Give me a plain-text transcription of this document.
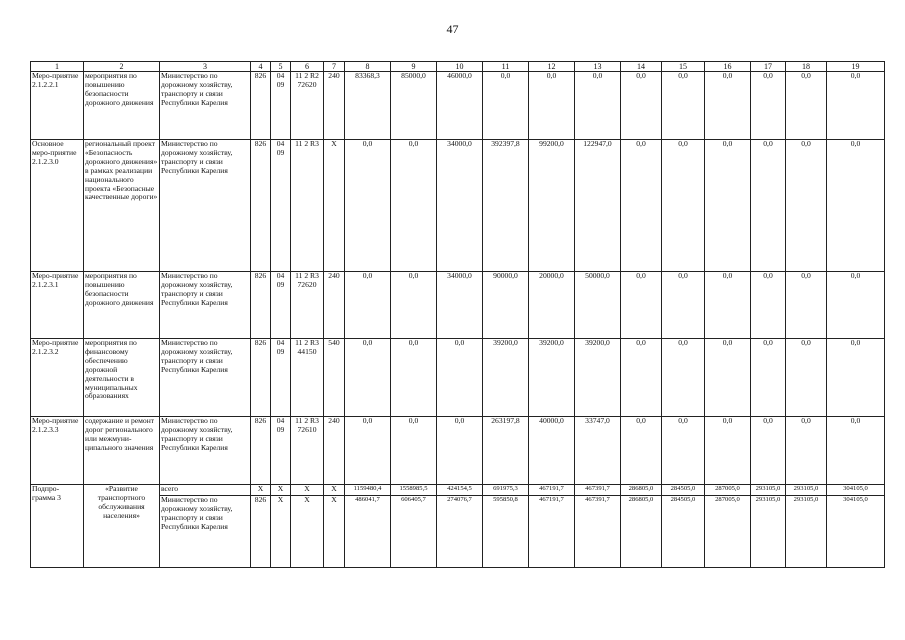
47
1	2	3	4	5	6	7	8	9	10	11	12	13	14	15	16	17	18	19
Меро-приятие 2.1.2.2.1	мероприятия по повышению безопасности дорожного движения	Министерство по дорожному хозяйству, транспорту и связи Республики Карелия	826	04 09	11 2 R2 72620	240	83368,3	85000,0	46000,0	0,0	0,0	0,0	0,0	0,0	0,0	0,0	0,0	0,0
Основное меро-приятие 2.1.2.3.0	региональный проект «Безопасность дорожного движения» в рамках реализации национального проекта «Безопасные качественные дороги»	Министерство по дорожному хозяйству, транспорту и связи Республики Карелия	826	04 09	11 2 R3	Х	0,0	0,0	34000,0	392397,8	99200,0	122947,0	0,0	0,0	0,0	0,0	0,0	0,0
Меро-приятие 2.1.2.3.1	мероприятия по повышению безопасности дорожного движения	Министерство по дорожному хозяйству, транспорту и связи Республики Карелия	826	04 09	11 2 R3 72620	240	0,0	0,0	34000,0	90000,0	20000,0	50000,0	0,0	0,0	0,0	0,0	0,0	0,0
Меро-приятие 2.1.2.3.2	мероприятия по финансовому обеспечению дорожной деятельности в муниципальных образованиях	Министерство по дорожному хозяйству, транспорту и связи Республики Карелия	826	04 09	11 2 R3 44150	540	0,0	0,0	0,0	39200,0	39200,0	39200,0	0,0	0,0	0,0	0,0	0,0	0,0
Меро-приятие 2.1.2.3.3	содержание и ремонт дорог регионального или межмуни-ципального значения	Министерство по дорожному хозяйству, транспорту и связи Республики Карелия	826	04 09	11 2 R3 72610	240	0,0	0,0	0,0	263197,8	40000,0	33747,0	0,0	0,0	0,0	0,0	0,0	0,0
Подпро-грамма 3	«Развитие транспортного обслуживания населения»	всего	Х	Х	Х	Х	1159480,4	1558985,5	424154,5	691975,3	467191,7	467391,7	286805,0	284505,0	287005,0	293105,0	293105,0	304105,0
		Министерство по дорожному хозяйству, транспорту и связи Республики Карелия	826	Х	Х	Х	486041,7	606405,7	274076,7	595850,8	467191,7	467391,7	286805,0	284505,0	287005,0	293105,0	293105,0	304105,0
